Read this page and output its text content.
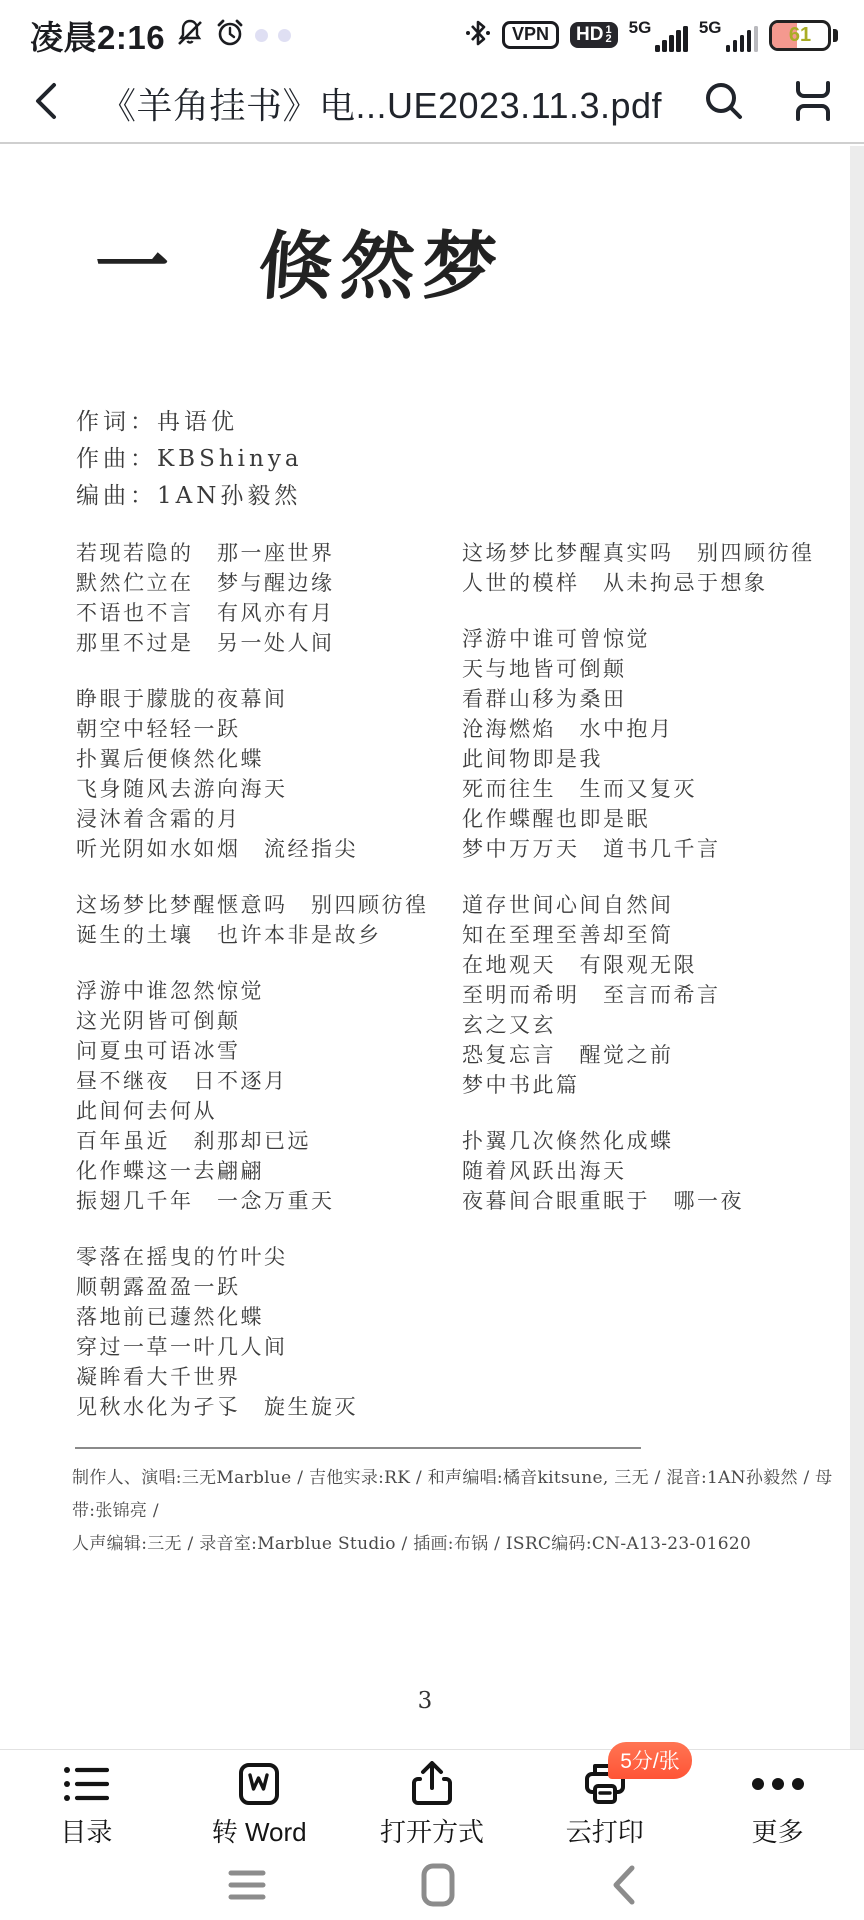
凌晨2:16	VPN	HD 1
2
5G	5G	61
《羊角挂书》电...UE2023.11.3.pdf
一　倏然梦
作词：冉语优
作曲：KBShinya
编曲：1AN孙毅然
若现若隐的　那一座世界
默然伫立在　梦与醒边缘
不语也不言　有风亦有月
那里不过是　另一处人间
睁眼于朦胧的夜幕间
朝空中轻轻一跃
扑翼后便倏然化蝶
飞身随风去游向海天
浸沐着含霜的月
听光阴如水如烟　流经指尖
这场梦比梦醒惬意吗　别四顾彷徨
诞生的土壤　也许本非是故乡
浮游中谁忽然惊觉
这光阴皆可倒颠
问夏虫可语冰雪
昼不继夜　日不逐月
此间何去何从
百年虽近　刹那却已远
化作蝶这一去翩翩
振翅几千年　一念万重天
零落在摇曳的竹叶尖
顺朝露盈盈一跃
落地前已蘧然化蝶
穿过一草一叶几人间
凝眸看大千世界
见秋水化为孑孓　旋生旋灭
这场梦比梦醒真实吗　别四顾彷徨
人世的模样　从未拘忌于想象
浮游中谁可曾惊觉
天与地皆可倒颠
看群山移为桑田
沧海燃焰　水中抱月
此间物即是我
死而往生　生而又复灭
化作蝶醒也即是眠
梦中万万天　道书几千言
道存世间心间自然间
知在至理至善却至简
在地观天　有限观无限
至明而希明　至言而希言
玄之又玄
恐复忘言　醒觉之前
梦中书此篇
扑翼几次倏然化成蝶
随着风跃出海天
夜暮间合眼重眠于　哪一夜
制作人、演唱:三无Marblue / 吉他实录:RK / 和声编唱:橘音kitsune, 三无 / 混音:1AN孙毅然 / 母带:张锦亮 /
人声编辑:三无 / 录音室:Marblue Studio / 插画:布锅 / ISRC编码:CN-A13-23-01620
3
目录	转 Word	打开方式
5分/张
云打印	更多
